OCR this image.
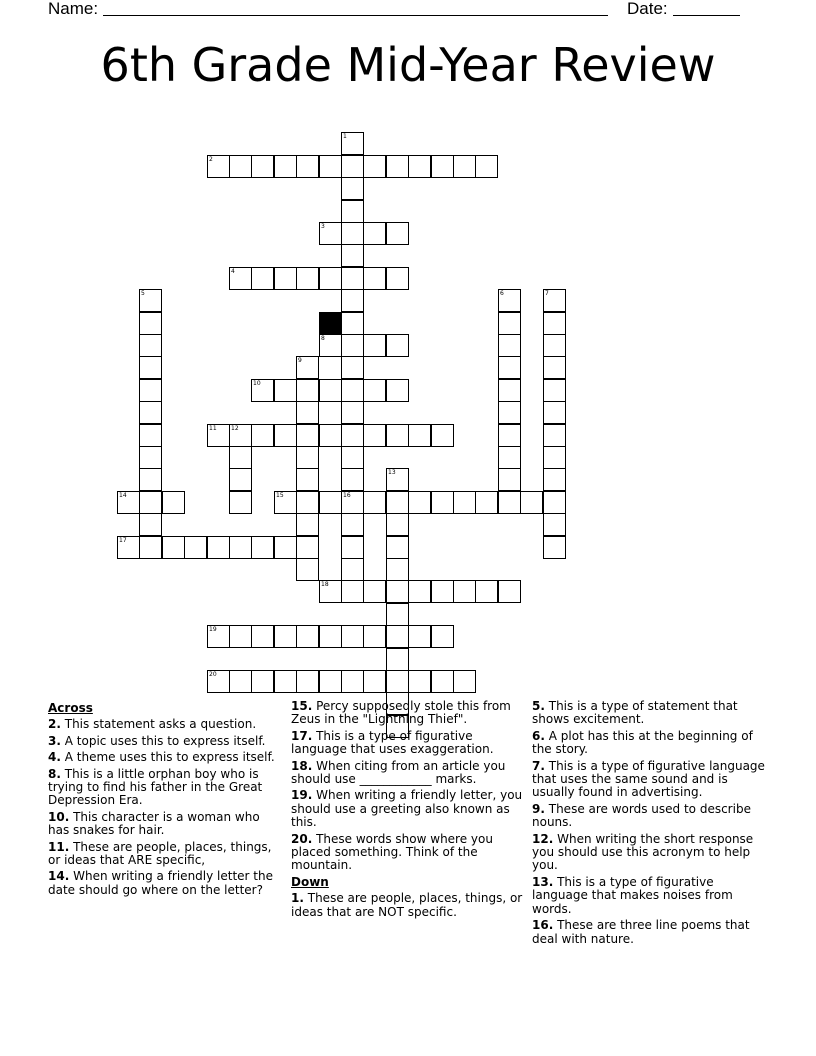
Name:	Date:
6th Grade Mid-Year Review
1
2
3
4
5	6	7
8
9
10
11 12
13
14	15	16
17
18
19
20
Across
2. This statement asks a question.
3. A topic uses this to express itself.
4. A theme uses this to express itself.
8. This is a little orphan boy who is trying to find his father in the Great Depression Era.
10. This character is a woman who has snakes for hair.
11. These are people, places, things, or ideas that ARE specific,
14. When writing a friendly letter the date should go where on the letter?
15. Percy supposedly stole this from Zeus in the "Lightning Thief".
17. This is a type of figurative language that uses exaggeration.
18. When citing from an article you should use ____________ marks.
19. When writing a friendly letter, you should use a greeting also known as this.
20. These words show where you placed something. Think of the mountain.
Down
1. These are people, places, things, or ideas that are NOT specific.
5. This is a type of statement that shows excitement.
6. A plot has this at the beginning of the story.
7. This is a type of figurative language that uses the same sound and is usually found in advertising.
9. These are words used to describe nouns.
12. When writing the short response you should use this acronym to help you.
13. This is a type of figurative language that makes noises from words.
16. These are three line poems that deal with nature.
